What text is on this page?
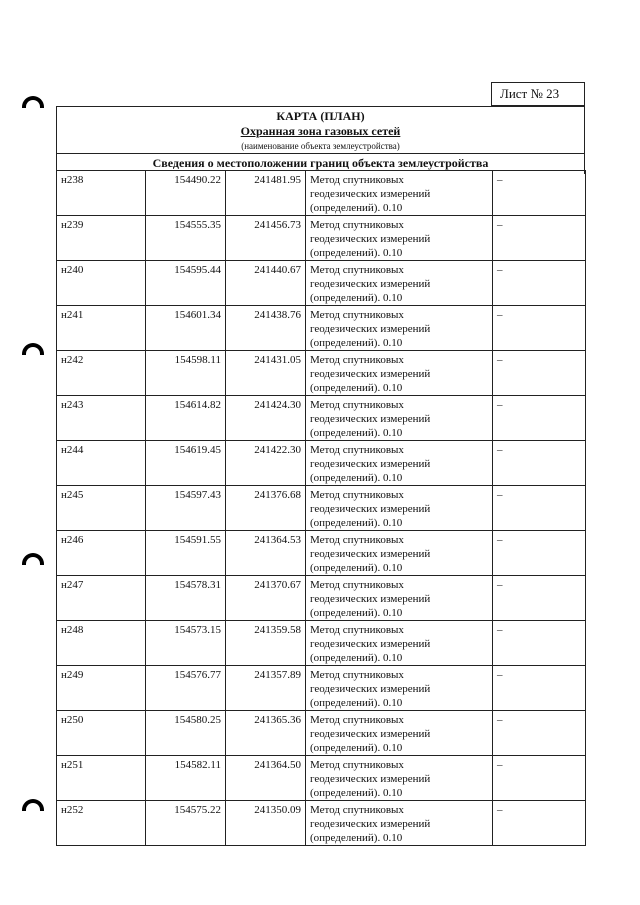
Лист № 23
КАРТА (ПЛАН)
Охранная зона газовых сетей
(наименование объекта землеустройства)
Сведения о местоположении границ объекта землеустройства
н238	154490.22	241481.95	Метод спутниковых
геодезических измерений
(определений). 0.10	–
н239	154555.35	241456.73	Метод спутниковых
геодезических измерений
(определений). 0.10	–
н240	154595.44	241440.67	Метод спутниковых
геодезических измерений
(определений). 0.10	–
н241	154601.34	241438.76	Метод спутниковых
геодезических измерений
(определений). 0.10	–
н242	154598.11	241431.05	Метод спутниковых
геодезических измерений
(определений). 0.10	–
н243	154614.82	241424.30	Метод спутниковых
геодезических измерений
(определений). 0.10	–
н244	154619.45	241422.30	Метод спутниковых
геодезических измерений
(определений). 0.10	–
н245	154597.43	241376.68	Метод спутниковых
геодезических измерений
(определений). 0.10	–
н246	154591.55	241364.53	Метод спутниковых
геодезических измерений
(определений). 0.10	–
н247	154578.31	241370.67	Метод спутниковых
геодезических измерений
(определений). 0.10	–
н248	154573.15	241359.58	Метод спутниковых
геодезических измерений
(определений). 0.10	–
н249	154576.77	241357.89	Метод спутниковых
геодезических измерений
(определений). 0.10	–
н250	154580.25	241365.36	Метод спутниковых
геодезических измерений
(определений). 0.10	–
н251	154582.11	241364.50	Метод спутниковых
геодезических измерений
(определений). 0.10	–
н252	154575.22	241350.09	Метод спутниковых
геодезических измерений
(определений). 0.10	–
